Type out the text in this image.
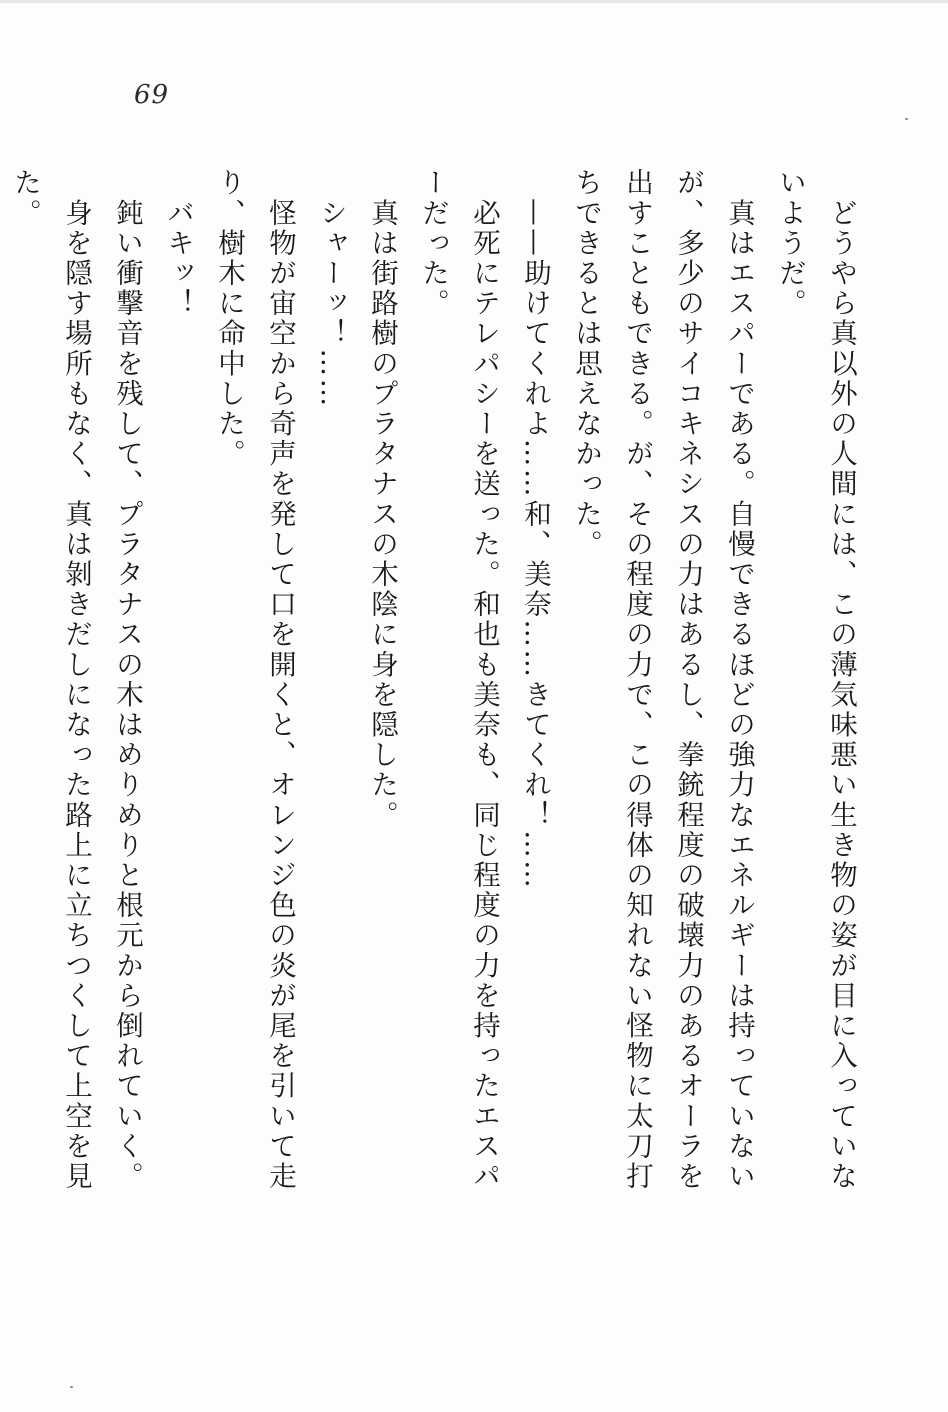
69

　どうやら真以外の人間には、この薄気味悪い生き物の姿が目に入っていないようだ。

　真はエスパーである。自慢できるほどの強力なエネルギーは持っていないが、多少のサイコキネシスの力はあるし、拳銃程度の破壊力のあるオーラを出すこともできる。が、その程度の力で、この得体の知れない怪物に太刀打ちできるとは思えなかった。

　——助けてくれよ……和、美奈……きてくれ！……

　必死にテレパシーを送った。和也も美奈も、同じ程度の力を持ったエスパーだった。

　真は街路樹のプラタナスの木陰に身を隠した。

　シャーッ！……

　怪物が宙空から奇声を発して口を開くと、オレンジ色の炎が尾を引いて走り、樹木に命中した。

　バキッ！

　鈍い衝撃音を残して、プラタナスの木はめりめりと根元から倒れていく。

　身を隠す場所もなく、真は剝きだしになった路上に立ちつくして上空を見た。
